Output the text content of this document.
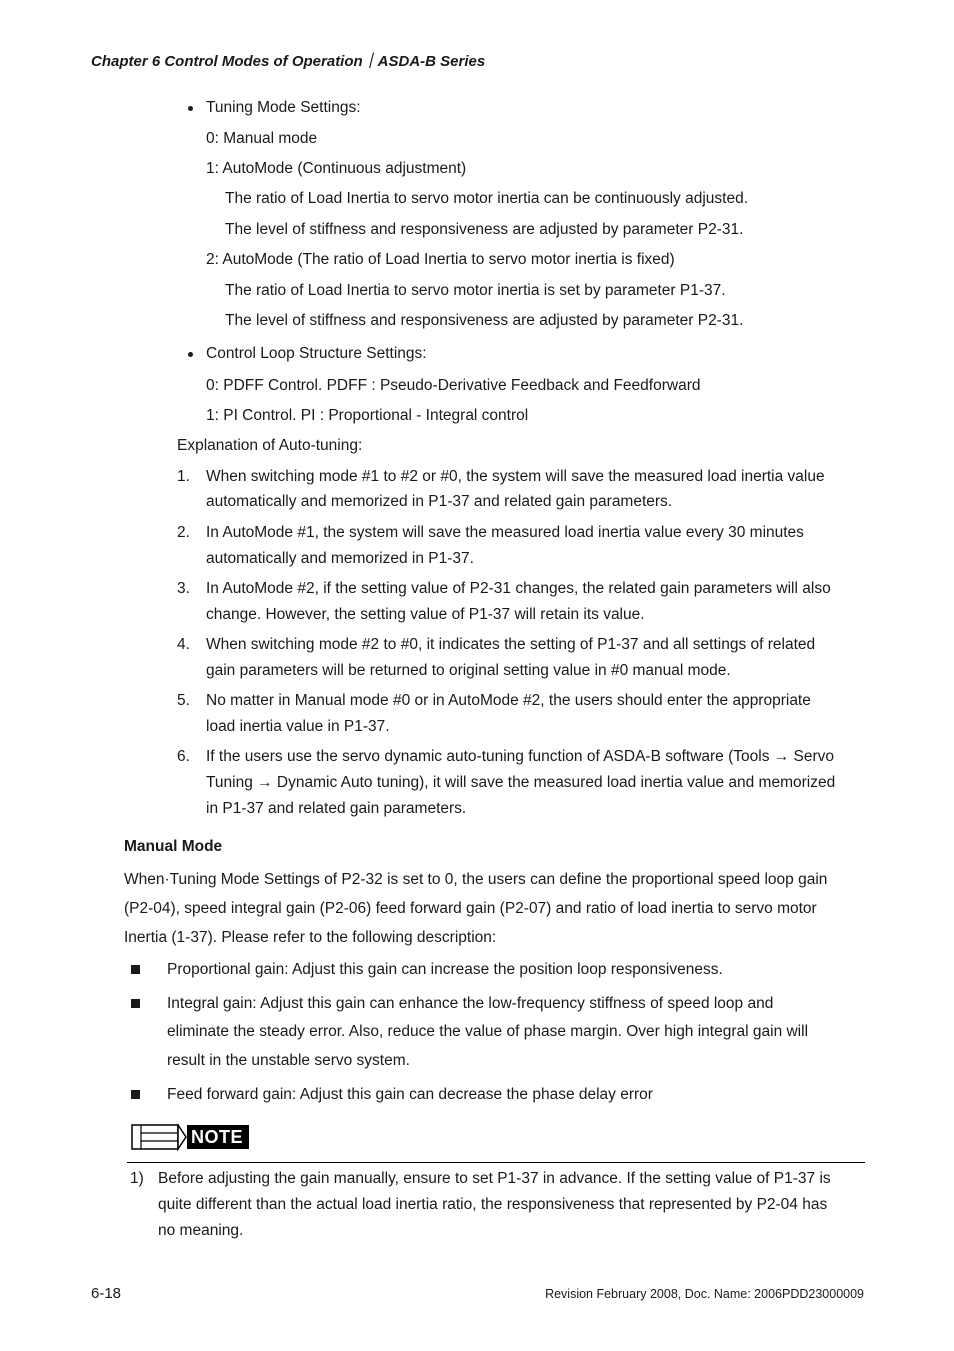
Chapter 6 Control Modes of Operation｜ASDA-B Series
Tuning Mode Settings:
0: Manual mode
1: AutoMode (Continuous adjustment)
The ratio of Load Inertia to servo motor inertia can be continuously adjusted.
The level of stiffness and responsiveness are adjusted by parameter P2-31.
2: AutoMode (The ratio of Load Inertia to servo motor inertia is fixed)
The ratio of Load Inertia to servo motor inertia is set by parameter P1-37.
The level of stiffness and responsiveness are adjusted by parameter P2-31.
Control Loop Structure Settings:
0: PDFF Control. PDFF : Pseudo-Derivative Feedback and Feedforward
1: PI Control. PI : Proportional - Integral control
Explanation of Auto-tuning:
1. When switching mode #1 to #2 or #0, the system will save the measured load inertia value
automatically and memorized in P1-37 and related gain parameters.
2. In AutoMode #1, the system will save the measured load inertia value every 30 minutes
automatically and memorized in P1-37.
3. In AutoMode #2, if the setting value of P2-31 changes, the related gain parameters will also
change. However, the setting value of P1-37 will retain its value.
4. When switching mode #2 to #0, it indicates the setting of P1-37 and all settings of related
gain parameters will be returned to original setting value in #0 manual mode.
5. No matter in Manual mode #0 or in AutoMode #2, the users should enter the appropriate
load inertia value in P1-37.
6. If the users use the servo dynamic auto-tuning function of ASDA-B software (Tools → Servo
Tuning → Dynamic Auto tuning), it will save the measured load inertia value and memorized
in P1-37 and related gain parameters.
Manual Mode
When·Tuning Mode Settings of P2-32 is set to 0, the users can define the proportional speed loop gain
(P2-04), speed integral gain (P2-06) feed forward gain (P2-07) and ratio of load inertia to servo motor
Inertia (1-37). Please refer to the following description:
Proportional gain: Adjust this gain can increase the position loop responsiveness.
Integral gain: Adjust this gain can enhance the low-frequency stiffness of speed loop and
eliminate the steady error. Also, reduce the value of phase margin. Over high integral gain will
result in the unstable servo system.
Feed forward gain: Adjust this gain can decrease the phase delay error
NOTE
1) Before adjusting the gain manually, ensure to set P1-37 in advance. If the setting value of P1-37 is
quite different than the actual load inertia ratio, the responsiveness that represented by P2-04 has
no meaning.
6-18	Revision February 2008, Doc. Name: 2006PDD23000009
